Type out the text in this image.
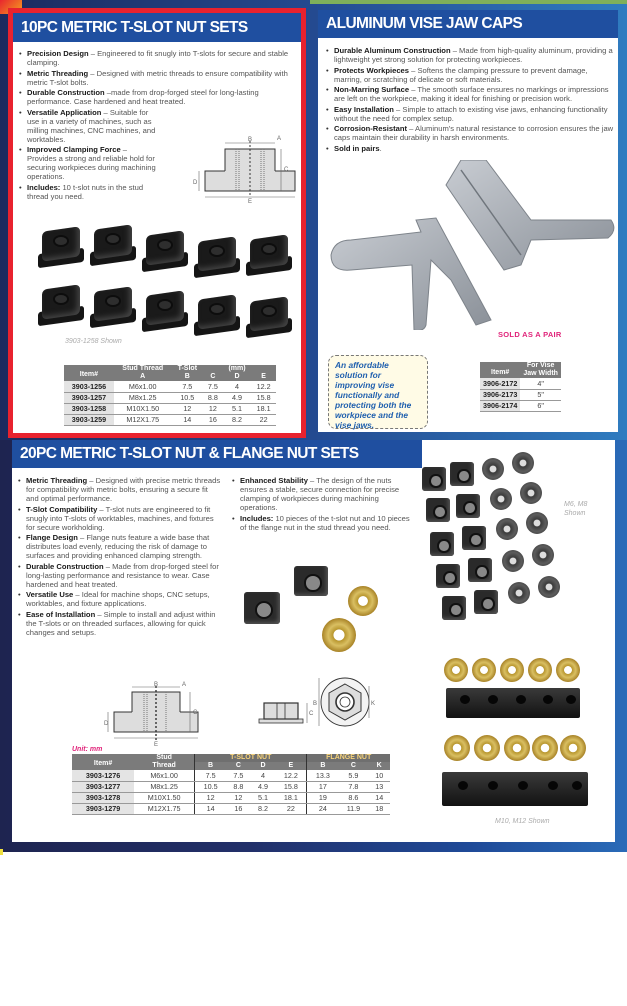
10PC METRIC T-SLOT NUT SETS
• Precision Design – Engineered to fit snugly into T-slots for secure and stable clamping.
• Metric Threading – Designed with metric threads to ensure compatibility with metric T-slot bolts.
• Durable Construction –made from drop-forged steel for long-lasting performance. Case hardened and heat treated.
• Versatile Application – Suitable for use in a variety of machines, such as milling machines, CNC machines, and worktables.
• Improved Clamping Force – Provides a strong and reliable hold for securing workpieces during machining operations.
• Includes: 10 t-slot nuts in the stud thread you need.
B	A
C
D
E
3903-1258 Shown
Item#	Stud Thread	T-Slot		(mm)	
	A	B	C	D	E
3903-1256	M6x1.00	7.5	7.5	4	12.2
3903-1257	M8x1.25	10.5	8.8	4.9	15.8
3903-1258	M10X1.50	12	12	5.1	18.1
3903-1259	M12X1.75	14	16	8.2	22
ALUMINUM VISE JAW CAPS
• Durable Aluminum Construction – Made from high-quality aluminum, providing a lightweight yet strong solution for protecting workpieces.
• Protects Workpieces – Softens the clamping pressure to prevent damage, marring, or scratching of delicate or soft materials.
• Non-Marring Surface – The smooth surface ensures no markings or impressions are left on the workpiece, making it ideal for finishing or precision work.
• Easy Installation – Simple to attach to existing vise jaws, enhancing functionality without the need for complex setup.
• Corrosion-Resistant – Aluminum's natural resistance to corrosion ensures the jaw caps maintain their durability in harsh environments.
• Sold in pairs.
SOLD AS A PAIR
An affordable solution for improving vise functionally and protecting both the workpiece and the vise jaws.
Item#	For Vise
Jaw Width
3906-2172	4"
3906-2173	5"
3906-2174	6"
20PC METRIC T-SLOT NUT & FLANGE NUT SETS
• Metric Threading – Designed with precise metric threads for compatibility with metric bolts, ensuring a secure fit and optimal performance.
• T-Slot Compatibility – T-slot nuts are engineered to fit snugly into T-slots of worktables, machines, and fixtures for secure workholding.
• Flange Design – Flange nuts feature a wide base that distributes load evenly, reducing the risk of damage to surfaces and providing enhanced clamping strength.
• Durable Construction – Made from drop-forged steel for long-lasting performance and resistance to wear. Case hardened and heat treated.
• Versatile Use – Ideal for machine shops, CNC setups, worktables, and fixture applications.
• Ease of Installation – Simple to install and adjust within the T-slots or on threaded surfaces, allowing for quick changes and setups.
• Enhanced Stability – The design of the nuts ensures a stable, secure connection for precise clamping of workpieces during machining operations.
• Includes: 10 pieces of the t-slot nut and 10 pieces of the flange nut in the stud thread you need.
M6, M8 Shown
M10, M12 Shown
B	A
C
D
E
C
B	K
Unit: mm
Item#	Stud	T-SLOT NUT				FLANGE NUT		
	Thread	B	C	D	E	B	C	K
3903-1276	M6x1.00	7.5	7.5	4	12.2	13.3	5.9	10
3903-1277	M8x1.25	10.5	8.8	4.9	15.8	17	7.8	13
3903-1278	M10X1.50	12	12	5.1	18.1	19	8.6	14
3903-1279	M12X1.75	14	16	8.2	22	24	11.9	18
